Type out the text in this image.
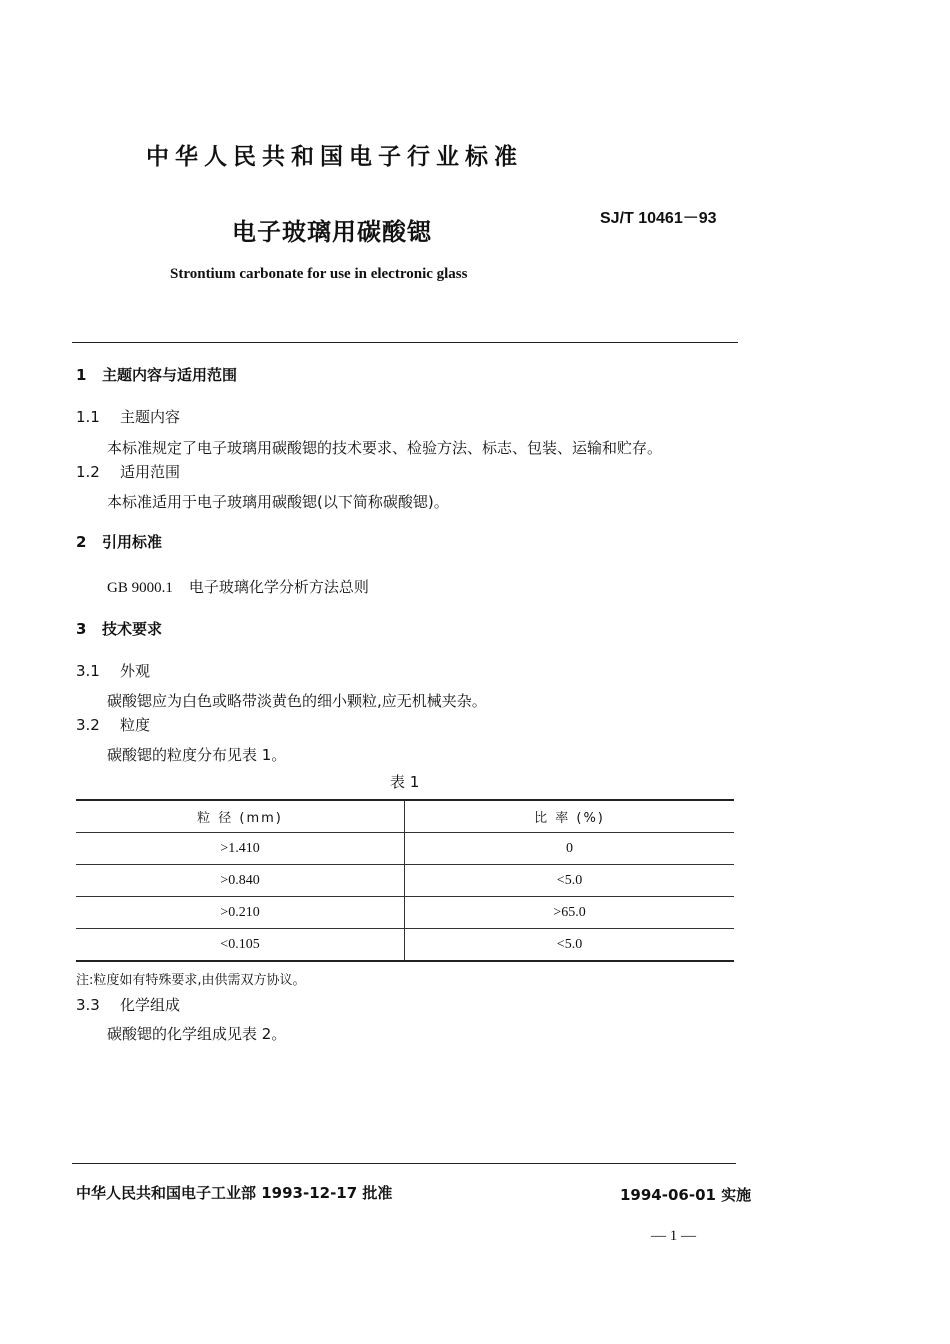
中华人民共和国电子行业标准
电子玻璃用碳酸锶	SJ/T 10461－93
Strontium carbonate for use in electronic glass
1 主题内容与适用范围
1.1 主题内容
本标准规定了电子玻璃用碳酸锶的技术要求、检验方法、标志、包装、运输和贮存。
1.2 适用范围
本标准适用于电子玻璃用碳酸锶(以下简称碳酸锶)。
2 引用标准
GB 9000.1 电子玻璃化学分析方法总则
3 技术要求
3.1 外观
碳酸锶应为白色或略带淡黄色的细小颗粒,应无机械夹杂。
3.2 粒度
碳酸锶的粒度分布见表 1。
表 1
粒 径 (mm)	比 率 (%)
>1.410	0
>0.840	<5.0
>0.210	>65.0
<0.105	<5.0
注:粒度如有特殊要求,由供需双方协议。
3.3 化学组成
碳酸锶的化学组成见表 2。
中华人民共和国电子工业部 1993-12-17 批准	1994-06-01 实施
— 1 —
